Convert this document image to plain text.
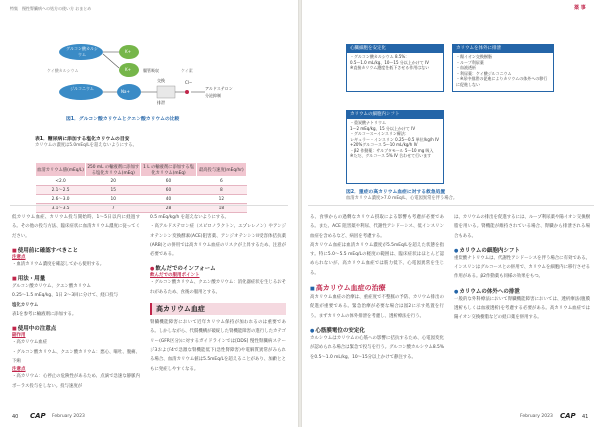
特集　慢性腎臓病への処方の使い方 おまとめ
グルコン酸カルシウム
ジルコニウム
K+
K+	腸管吸収
Na+
交換
排泄
アルドステロン
分泌抑制
Cl−
ケイ酸カルシウム	ケイ素
図1．グルコン酸カリウムとクエン酸カリウムの比較
表1．糖尿病に添加する塩化カリウムの目安
カリウムの濃度は5.0mEq/Lを超えないようにする。
血清カリウム値(mEq/L)	250 mL の輸液剤に添加する塩化カリウム(mEq)	1 L の輸液剤に添加する塩化カリウム(mEq)	最高投与速度(mEq/hr)
<2.0	20	60	6
2.1〜2.5	15	60	8
2.6〜3.0	10	40	12
3.1〜3.5	7	28	18
低カリウム血症、カリウム投与開始時、1〜5日以内に経過する。その他の投与方法、臨床症状に血清カリウム濃度に従ってください。
■ 使用前に確認すべきこと
注意点
・血清カリウム濃度を確認してから使用する。
■ 用法・用量
グルコン酸カリウム、クエン酸カリウム
0.25〜1.5 mEq/kg、1日 2〜3回に分けて、経口投与
塩化カリウム
表1を参考に輸液剤に添加する。
■ 使用中の注意点
副作用
・高カリウム血症
・グルコン酸カリウム、クエン酸カリウム：悪心、嘔吐、腹痛、下痢
注意点
・高カリウム：心停止の危険性があるため、点滴で急速な静脈内ボーラス投与をしない。投与速度が
0.5 mEq/kg/h を超えないようにする。
・高アルドステロン症（スピロノラクトン、エプレレノン）やアンジオテンシン変換酵素(ACE)阻害薬、アンジオテンシンII受容体拮抗薬(ARB)との併用では高カリウム血症のリスクが上昇するため、注意が必要である。
● 飲んだでのインフォーム
飲んだでの服用ポイント
・グルコン酸カリウム、クエン酸カリウム：消化器症状を生じるおそれがあるため、食後の服用とする。
高カリウム血症
腎臓機能障害において近年カリウム保持が加われるのは重要である。しかしながら、代償機構が破綻した腎機能障害の進行したカテゴリー(GFR区分)に対するガイドラインでは[DDS] 慢性腎臓病ステージ3および4で急激な腎機能低下(急性腎障害)や電解質異常がみられる場合、血清カリウム値は5.5mEq/Lを超えることがあり、加齢とともに発症しやすくなる。
40 CAP February 2023
薬 事
心臓細胞を安定化
・グルコン酸カルシウム 8.5%：
0.5〜1.0 mL/kg、10〜15 分以上かけて IV
※直接カリウム濃度を低下させる作用はない
カリウムを体外に排泄
・陽イオン交換樹脂
・ループ利尿薬
・血液透析
・利尿薬：ケイ酸ジルコニウム
・※尿中排泄の促進によりカリウムの体外への移行に促進しない
カリウムの細胞内シフト
・重炭酸ナトリウム
1〜2 mEq/kg、15 分以上かけて IV
・グルコース−インスリン療法：
レギュラー・インスリン 0.25〜0.5 単位/kg/h IV
+20%グルコース 5〜10 mL/kg/h IV
・β2 作動薬：サルブタモール 5〜10 mg 吸入
※ただ、グルコース 5% IV 合わせて行います
図2．重症の高カリウム血症に対する救急処置
血清カリウム濃度>7.0 mEq/L、心電図異常を伴う場合。
る、食事からの過剰なカリウム摂取による影響も考慮が必要である。また、ACE 阻害薬や利尿、代謝性アシドーシス、低インスリン血症を含めるなど、病因を考慮する。
高カリウム血症は血清カリウム濃度が5.5mEq/Lを超えた状態を指す。特に5.0〜5.5 mEq/Lの軽度の範囲は、臨床症状はほとんど認められないが、高カリウム血症では筋力低下、心電図異常を生じる。
■ 高カリウム血症の治療
高カリウム血症の治療は、重症度で不整脈の予防、カリウム排出の促進が重要である。緊急治療が必要な場合は図2に示す処置を行う。まずカリウムの体外排泄を考慮し、透析療法を行う。
● 心筋膜電位の安定化
カルシウムはカリウムの心筋への影響に拮抗するため、心電図変化が認められる場合は緊急で投与を行う。グルコン酸カルシウム8.5%を0.5〜1.0 mL/kg、10〜15分以上かけて静注する。
は、カリウムの排出を促進するには、ループ利尿薬や陽イオン交換樹脂を用いる。腎機能が維持されている場合、腎臓から排泄される場合もある。
● カリウムの細胞内シフト
重炭酸ナトリウムは、代謝性アシドーシスを伴う場合に有効である。インスリンはグルコースとの併用で、カリウムを細胞内に移行させる作用がある。β2作動薬も同様の効果をもつ。
● カリウムの体外への排泄
一般的な外科療法において腎臓機能障害においては、透析療法(腹膜透析もしくは血液透析)を考慮する必要がある。高カリウム血症では陽イオン交換樹脂などの経口薬を併用する。
February 2023 CAP 41
